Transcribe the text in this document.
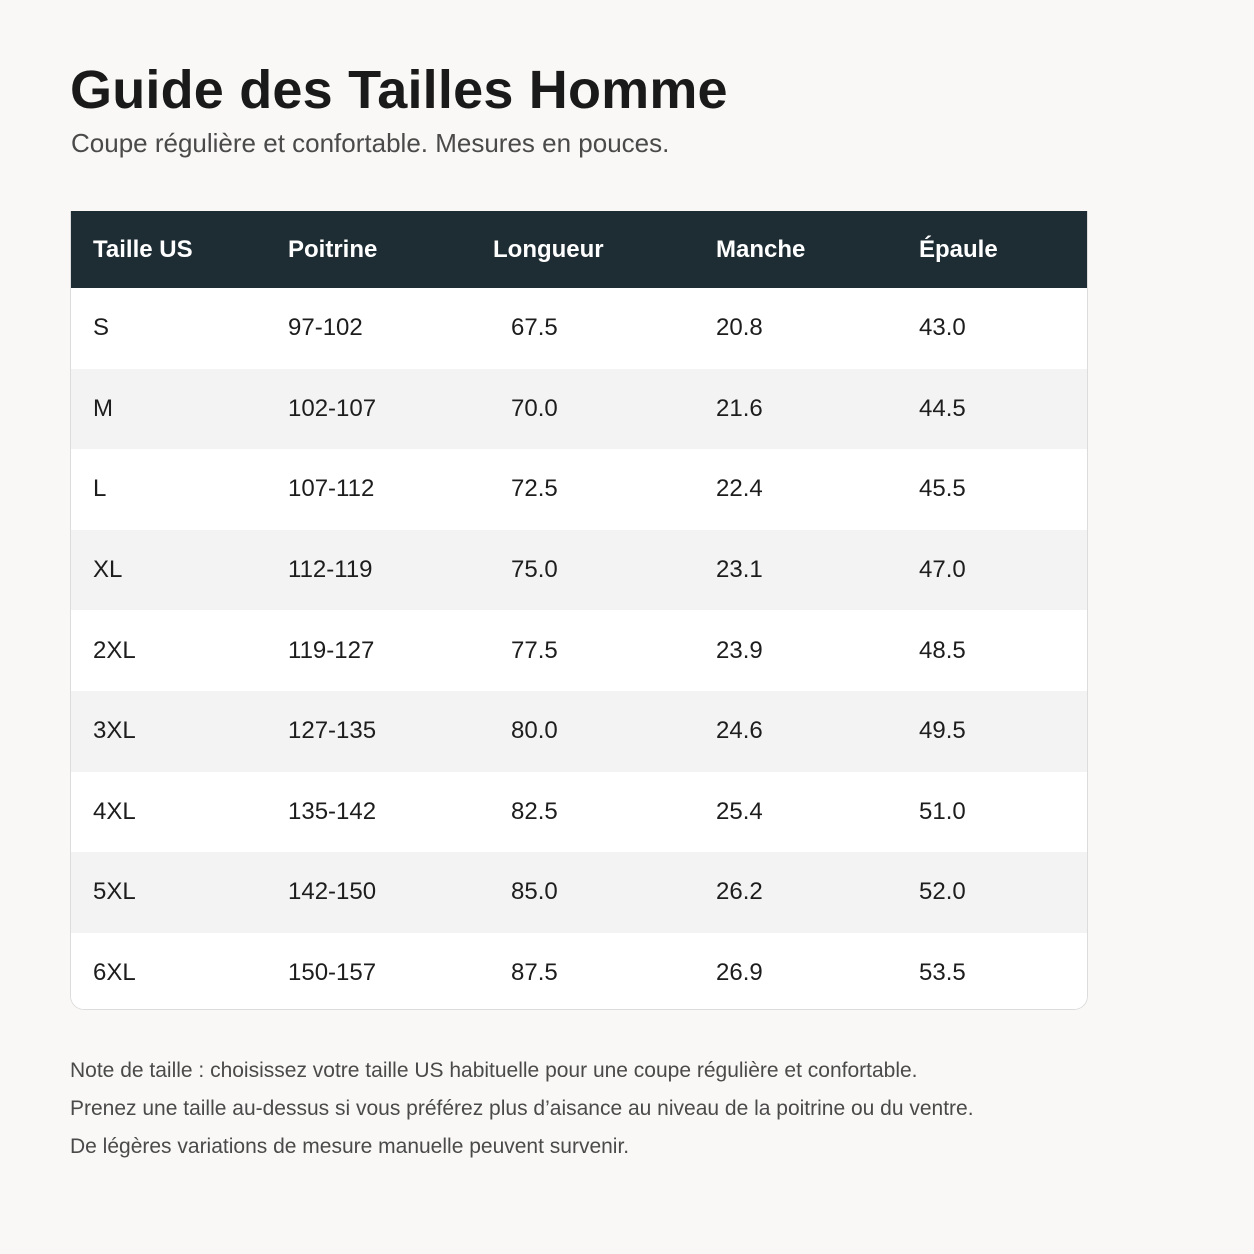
Guide des Tailles Homme

Coupe régulière et confortable. Mesures en pouces.

Taille US	Poitrine	Longueur	Manche	Épaule
S	97-102	67.5	20.8	43.0
M	102-107	70.0	21.6	44.5
L	107-112	72.5	22.4	45.5
XL	112-119	75.0	23.1	47.0
2XL	119-127	77.5	23.9	48.5
3XL	127-135	80.0	24.6	49.5
4XL	135-142	82.5	25.4	51.0
5XL	142-150	85.0	26.2	52.0
6XL	150-157	87.5	26.9	53.5
Note de taille : choisissez votre taille US habituelle pour une coupe régulière et confortable.
Prenez une taille au-dessus si vous préférez plus d’aisance au niveau de la poitrine ou du ventre.
De légères variations de mesure manuelle peuvent survenir.
